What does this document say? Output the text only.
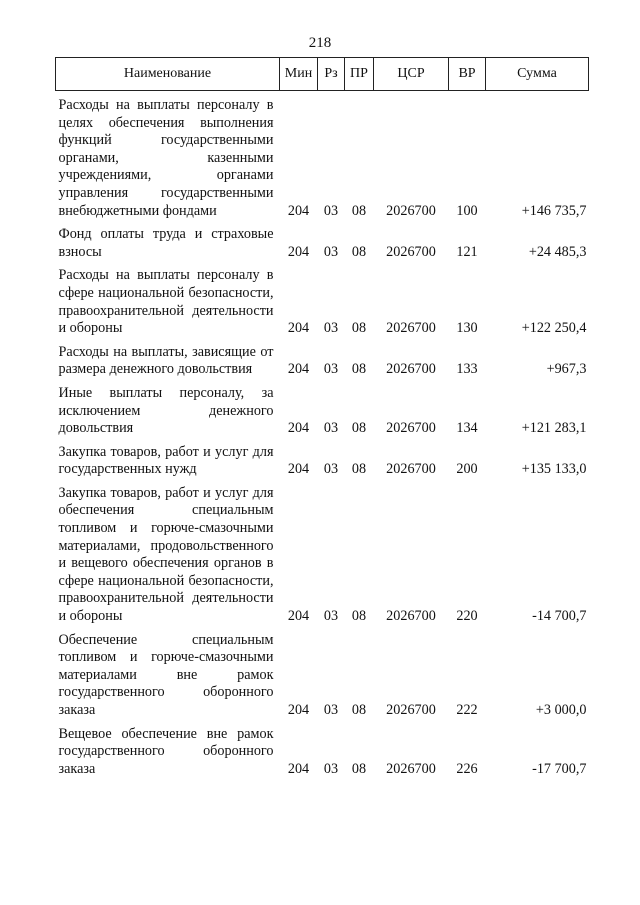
218
Наименование	Мин	Рз	ПР	ЦСР	ВР	Сумма
Расходы на выплаты персоналу в целях обеспечения выполнения функций государственными органами, казенными учреждениями, органами управления государственными внебюджетными фондами	204	03	08	2026700	100	+146 735,7
Фонд оплаты труда и страховые взносы	204	03	08	2026700	121	+24 485,3
Расходы на выплаты персоналу в сфере национальной безопасности, правоохранительной деятельности и обороны	204	03	08	2026700	130	+122 250,4
Расходы на выплаты, зависящие от размера денежного довольствия	204	03	08	2026700	133	+967,3
Иные выплаты персоналу, за исключением денежного довольствия	204	03	08	2026700	134	+121 283,1
Закупка товаров, работ и услуг для государственных нужд	204	03	08	2026700	200	+135 133,0
Закупка товаров, работ и услуг для обеспечения специальным топливом и горюче-смазочными материалами, продовольственного и вещевого обеспечения органов в сфере национальной безопасности, правоохранительной деятельности и обороны	204	03	08	2026700	220	-14 700,7
Обеспечение специальным топливом и горюче-смазочными материалами вне рамок государственного оборонного заказа	204	03	08	2026700	222	+3 000,0
Вещевое обеспечение вне рамок государственного оборонного заказа	204	03	08	2026700	226	-17 700,7
